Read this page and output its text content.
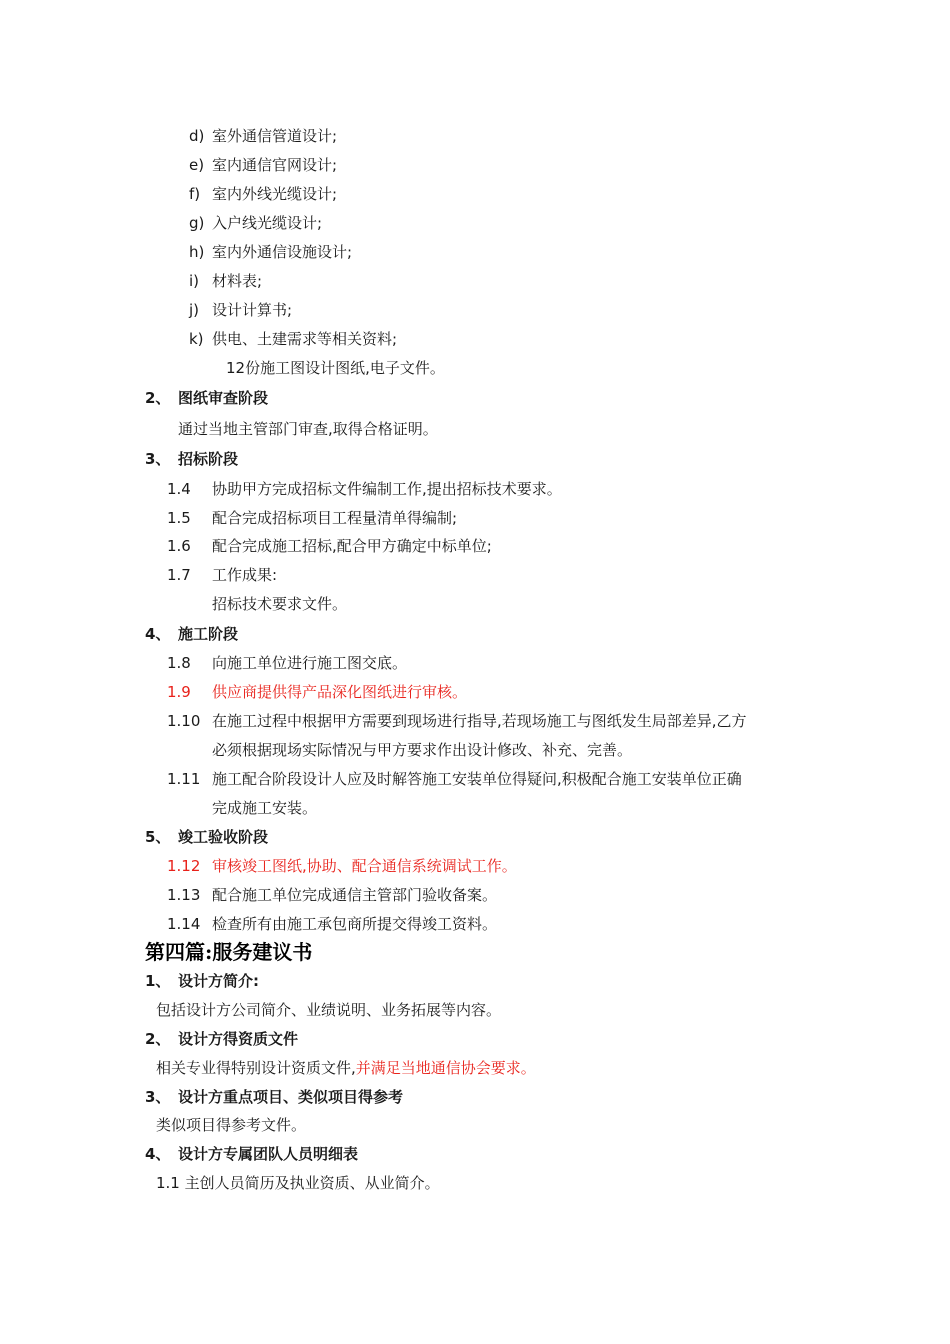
d) 室外通信管道设计;
e) 室内通信官网设计;
f) 室内外线光缆设计;
g) 入户线光缆设计;
h) 室内外通信设施设计;
i) 材料表;
j) 设计计算书;
k) 供电、土建需求等相关资料;
12份施工图设计图纸,电子文件。
2、 图纸审查阶段
通过当地主管部门审查,取得合格证明。
3、 招标阶段
1.4 协助甲方完成招标文件编制工作,提出招标技术要求。
1.5 配合完成招标项目工程量清单得编制;
1.6 配合完成施工招标,配合甲方确定中标单位;
1.7 工作成果:
招标技术要求文件。
4、 施工阶段
1.8 向施工单位进行施工图交底。
1.9 供应商提供得产品深化图纸进行审核。
1.10 在施工过程中根据甲方需要到现场进行指导,若现场施工与图纸发生局部差异,乙方
必须根据现场实际情况与甲方要求作出设计修改、补充、完善。
1.11 施工配合阶段设计人应及时解答施工安装单位得疑问,积极配合施工安装单位正确
完成施工安装。
5、 竣工验收阶段
1.12 审核竣工图纸,协助、配合通信系统调试工作。
1.13 配合施工单位完成通信主管部门验收备案。
1.14 检查所有由施工承包商所提交得竣工资料。
第四篇:服务建议书
1、 设计方简介:
包括设计方公司简介、业绩说明、业务拓展等内容。
2、 设计方得资质文件
相关专业得特别设计资质文件,并满足当地通信协会要求。
3、 设计方重点项目、类似项目得参考
类似项目得参考文件。
4、 设计方专属团队人员明细表
1.1 主创人员简历及执业资质、从业简介。
